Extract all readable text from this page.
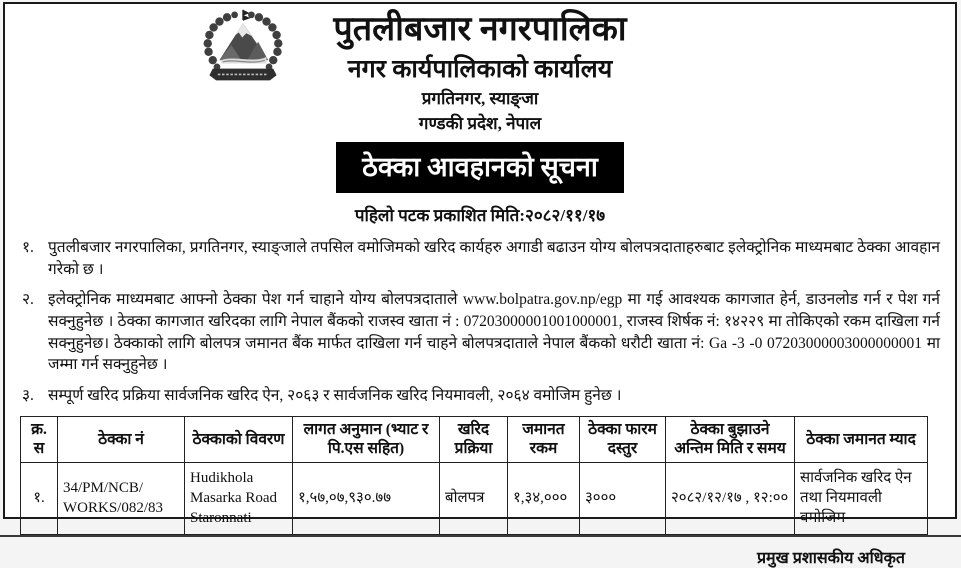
पुतलीबजार नगरपालिका
नगर कार्यपालिकाको कार्यालय
प्रगतिनगर, स्याङ्जा
गण्डकी प्रदेश, नेपाल
ठेक्का आवहानको सूचना
पहिलो पटक प्रकाशित मिति:२०८२/११/१७
१. पुतलीबजार नगरपालिका, प्रगतिनगर, स्याङ्जाले तपसिल वमोजिमको खरिद कार्यहरु अगाडी बढाउन योग्य बोलपत्रदाताहरुबाट इलेक्ट्रोनिक माध्यमबाट ठेक्का आवहान गरेको छ ।
२. इलेक्ट्रोनिक माध्यमबाट आफ्नो ठेक्का पेश गर्न चाहाने योग्य बोलपत्रदाताले www.bolpatra.gov.np/egp मा गई आवश्यक कागजात हेर्न, डाउनलोड गर्न र पेश गर्न सक्नुहुनेछ । ठेक्का कागजात खरिदका लागि नेपाल बैंकको राजस्व खाता नं : 07203000001001000001, राजस्व शिर्षक नं: १४२२९ मा तोकिएको रकम दाखिला गर्न सक्नुहुनेछ। ठेक्काको लागि बोलपत्र जमानत बैंक मार्फत दाखिला गर्न चाहने बोलपत्रदाताले नेपाल बैंकको धरौटी खाता नं: Ga -3 -0 07203000003000000001 मा जम्मा गर्न सक्नुहुनेछ ।
३. सम्पूर्ण खरिद प्रक्रिया सार्वजनिक खरिद ऐन, २०६३ र सार्वजनिक खरिद नियमावली, २०६४ वमोजिम हुनेछ ।
क्र. स	ठेक्का नं	ठेक्काको विवरण	लागत अनुमान (भ्याट र पि.एस सहित)	खरिद प्रक्रिया	जमानत रकम	ठेक्का फारम दस्तुर	ठेक्का बुझाउने अन्तिम मिति र समय	ठेक्का जमानत म्याद
१.	34/PM/NCB/ WORKS/082/83	Hudikhola Masarka Road Staronnati	१,५७,०७,९३०.७७	बोलपत्र	१,३४,०००	३०००	२०८२/१२/१७ , १२:००	सार्वजनिक खरिद ऐन तथा नियमावली वमोजिम
प्रमुख प्रशासकीय अधिकृत
